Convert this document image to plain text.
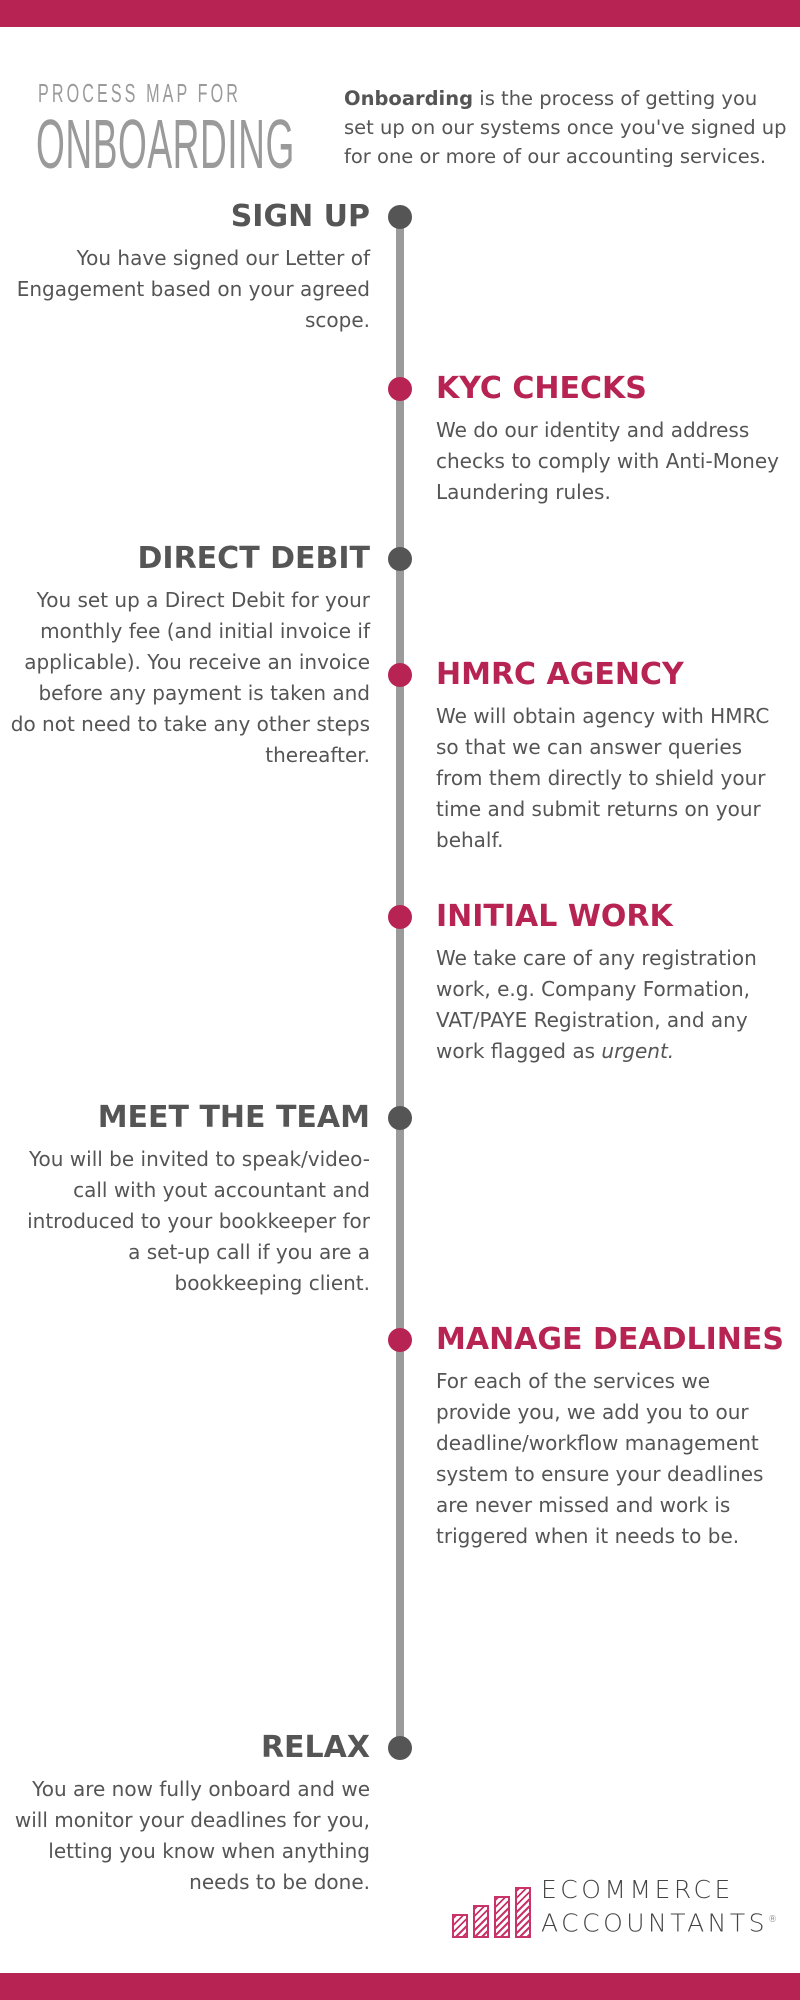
PROCESS MAP FOR
ONBOARDING
Onboarding is the process of getting you set up on our systems once you've signed up for one or more of our accounting services.
SIGN UP

You have signed our Letter of Engagement based on your agreed scope.

KYC CHECKS

We do our identity and address checks to comply with Anti-Money Laundering rules.

DIRECT DEBIT

You set up a Direct Debit for your monthly fee (and initial invoice if applicable). You receive an invoice before any payment is taken and do not need to take any other steps thereafter.

HMRC AGENCY

We will obtain agency with HMRC so that we can answer queries from them directly to shield your time and submit returns on your behalf.

INITIAL WORK

We take care of any registration work, e.g. Company Formation, VAT/PAYE Registration, and any work flagged as urgent.

MEET THE TEAM

You will be invited to speak/video-call with yout accountant and introduced to your bookkeeper for a set-up call if you are a bookkeeping client.

MANAGE DEADLINES

For each of the services we provide you, we add you to our deadline/workflow management system to ensure your deadlines are never missed and work is triggered when it needs to be.

RELAX

You are now fully onboard and we will monitor your deadlines for you, letting you know when anything needs to be done.	ECOMMERCE
ACCOUNTANTS®
